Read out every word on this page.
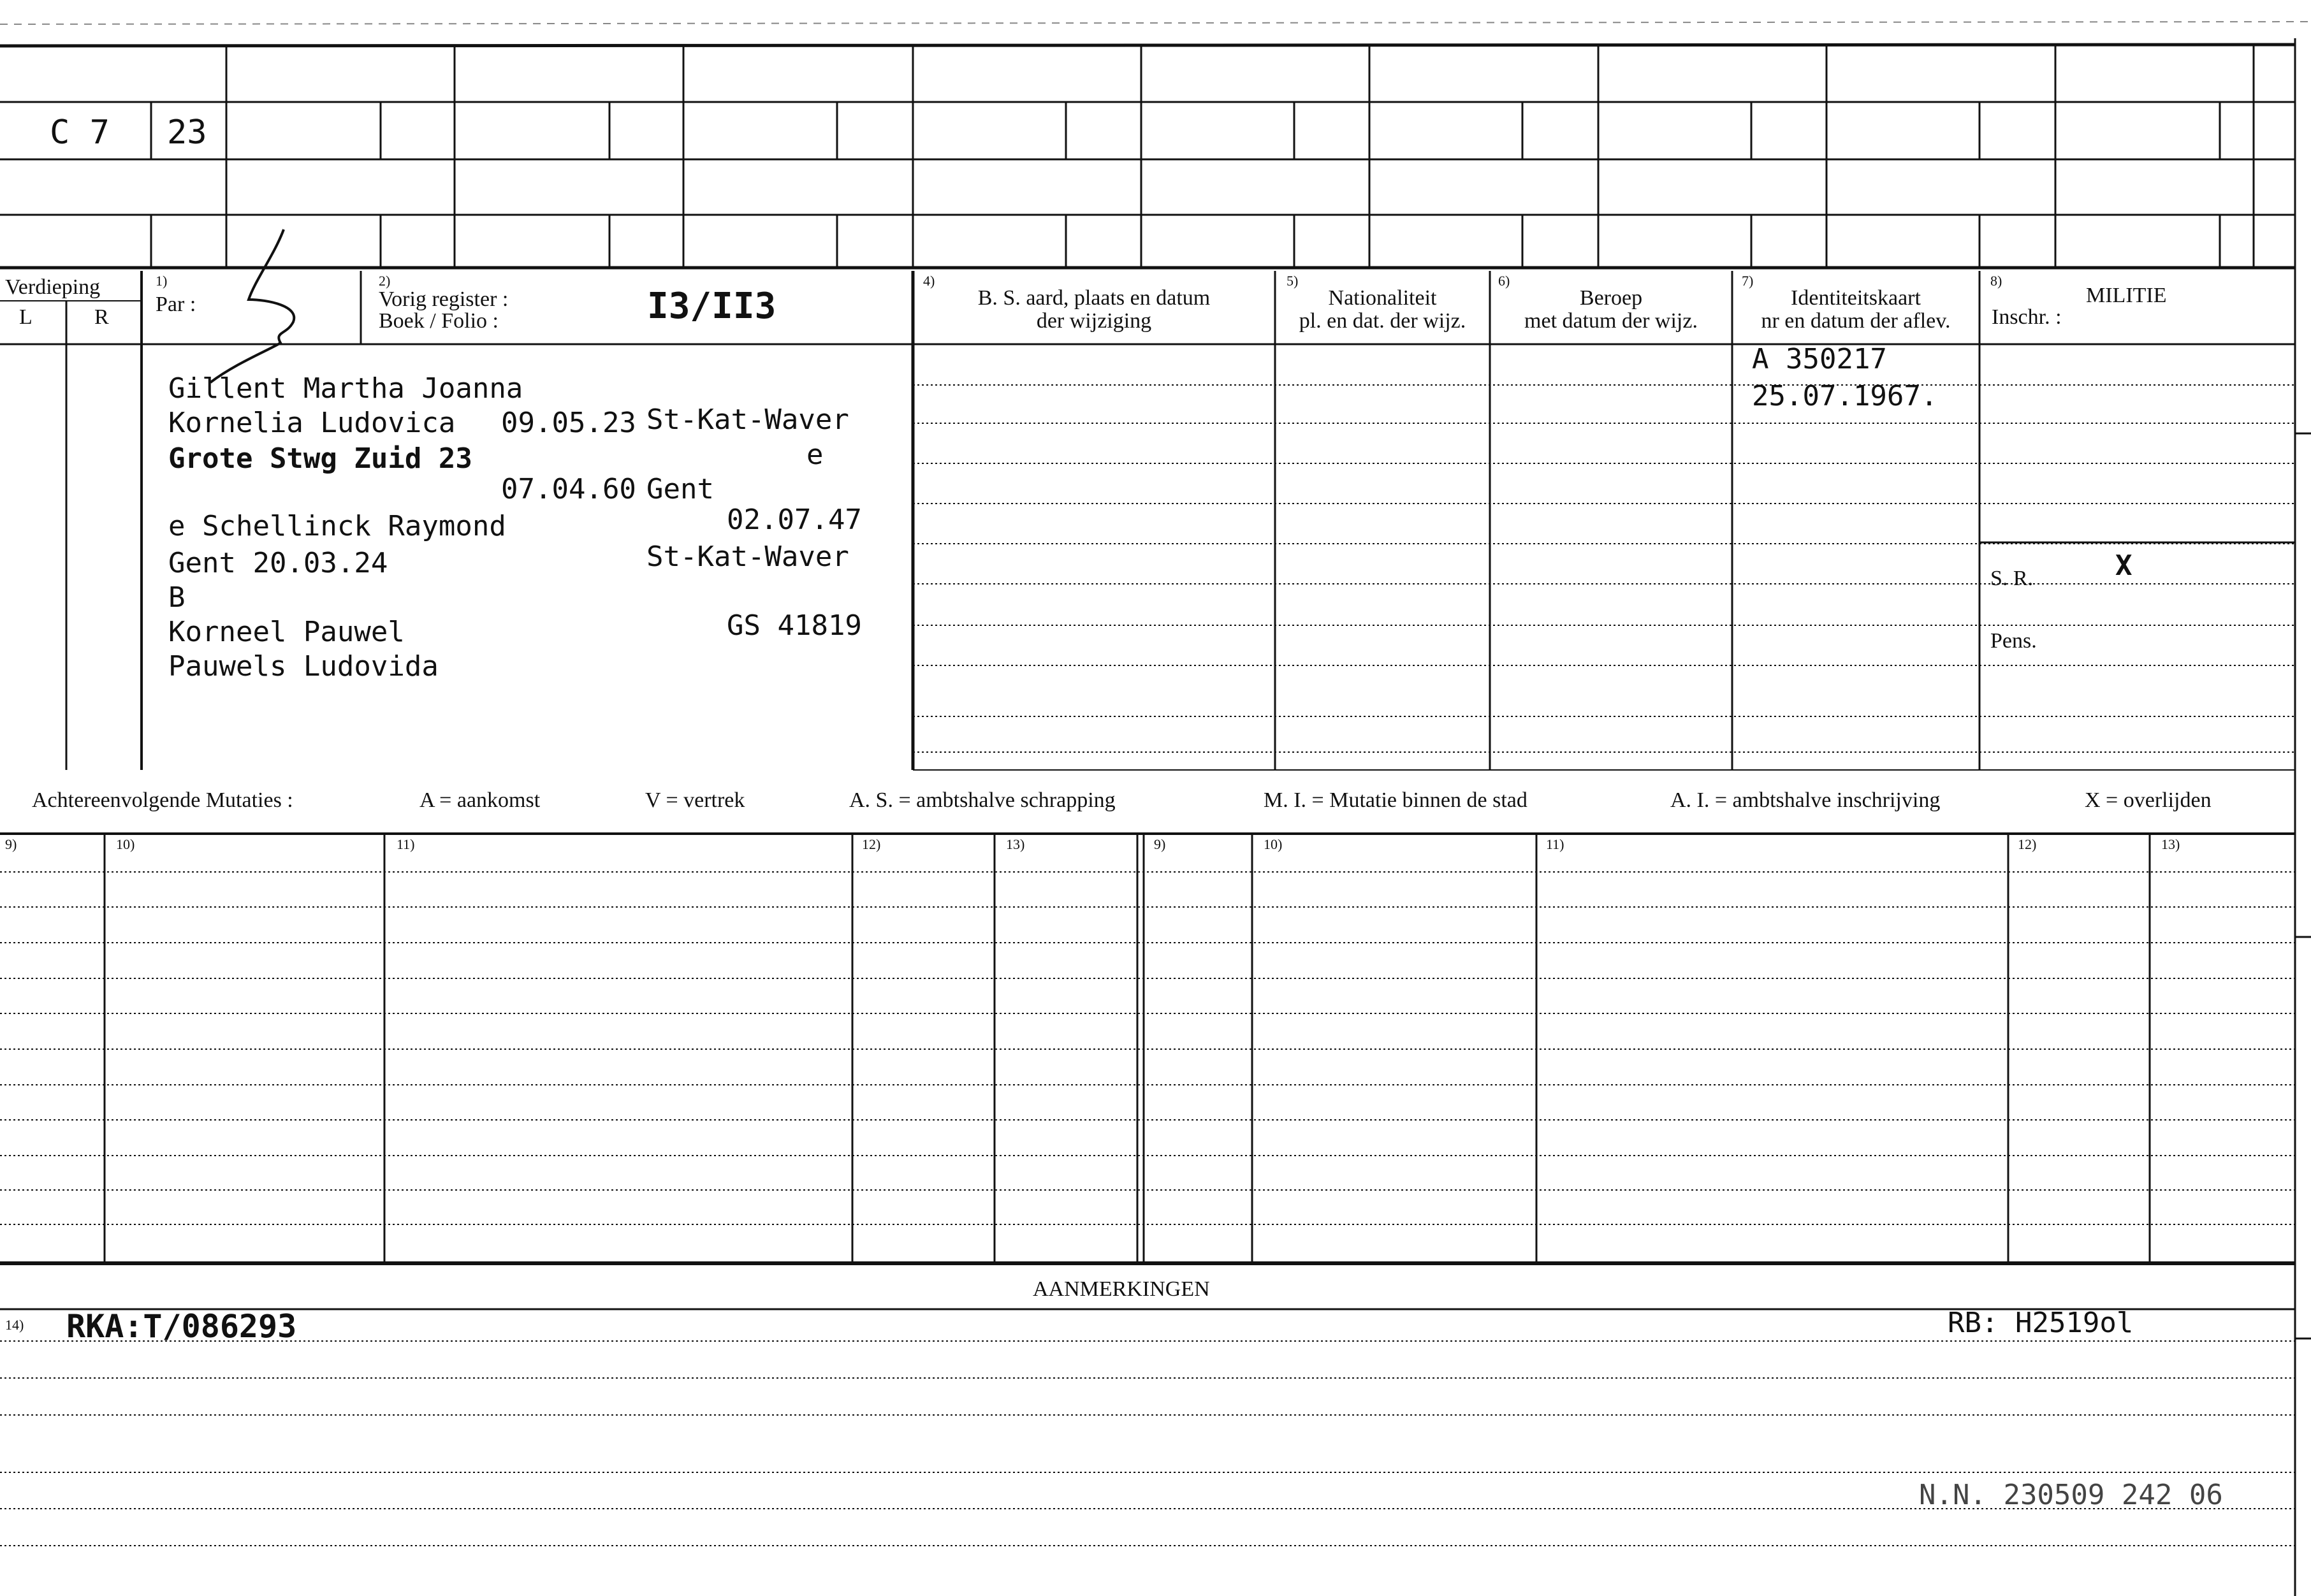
C 7 23
Verdieping
L	R
1)
Par :
2)
Vorig register :
Boek / Folio :	I3/II3
4)
B. S. aard, plaats en datum
der wijziging
5)
Nationaliteit
pl. en dat. der wijz.
6)
Beroep
met datum der wijz.
7)
Identiteitskaart
nr en datum der aflev.
8)
MILITIE
Inschr. :
Gillent Martha Joanna
Kornelia Ludovica 09.05.23 St-Kat-Waver
Grote Stwg Zuid 23	e
07.04.60 Gent
e Schellinck Raymond	02.07.47
Gent 20.03.24	St-Kat-Waver
B
Korneel Pauwel	GS 41819
Pauwels Ludovida
A 350217
25.07.1967.
S. R.	X
Pens.
Achtereenvolgende Mutaties :	A = aankomst	V = vertrek	A. S. = ambtshalve schrapping	M. I. = Mutatie binnen de stad	A. I. = ambtshalve inschrijving	X = overlijden
9)	10)	11)	12)	13)	9)	10)	11)	12)	13)
AANMERKINGEN
14) RKA:T/086293	RB: H2519ol
N.N. 230509 242 06
